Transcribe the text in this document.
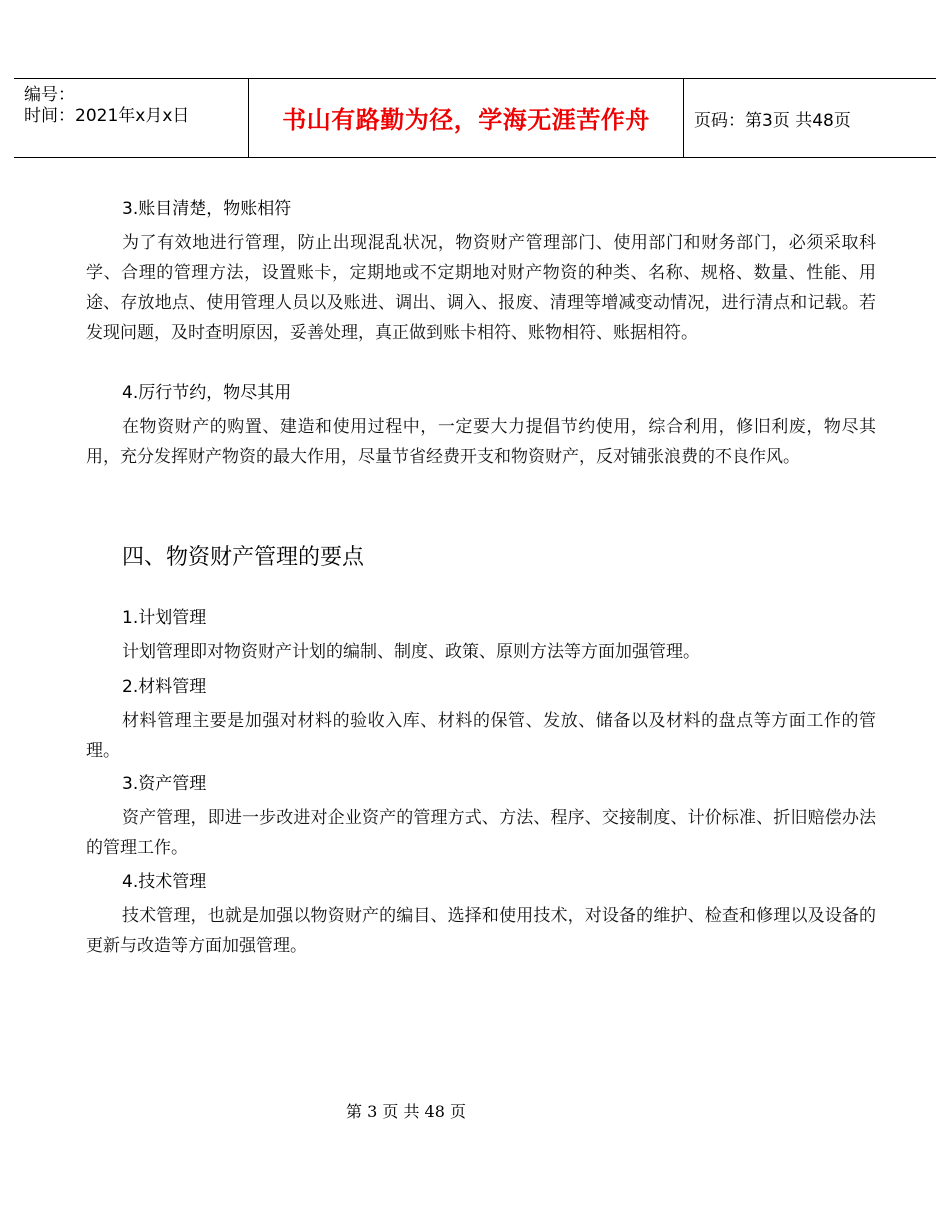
编号：
时间：2021年x月x日	书山有路勤为径，学海无涯苦作舟	页码：第3页 共48页
3.账目清楚，物账相符
为了有效地进行管理，防止出现混乱状况，物资财产管理部门、使用部门和财务部门，必须采取科学、合理的管理方法，设置账卡，定期地或不定期地对财产物资的种类、名称、规格、数量、性能、用途、存放地点、使用管理人员以及账进、调出、调入、报废、清理等增减变动情况，进行清点和记载。若发现问题，及时查明原因，妥善处理，真正做到账卡相符、账物相符、账据相符。
4.厉行节约，物尽其用
在物资财产的购置、建造和使用过程中，一定要大力提倡节约使用，综合利用，修旧利废，物尽其用，充分发挥财产物资的最大作用，尽量节省经费开支和物资财产，反对铺张浪费的不良作风。
四、物资财产管理的要点
1.计划管理
计划管理即对物资财产计划的编制、制度、政策、原则方法等方面加强管理。
2.材料管理
材料管理主要是加强对材料的验收入库、材料的保管、发放、储备以及材料的盘点等方面工作的管理。
3.资产管理
资产管理，即进一步改进对企业资产的管理方式、方法、程序、交接制度、计价标准、折旧赔偿办法的管理工作。
4.技术管理
技术管理，也就是加强以物资财产的编目、选择和使用技术，对设备的维护、检查和修理以及设备的更新与改造等方面加强管理。
第 3 页 共 48 页
